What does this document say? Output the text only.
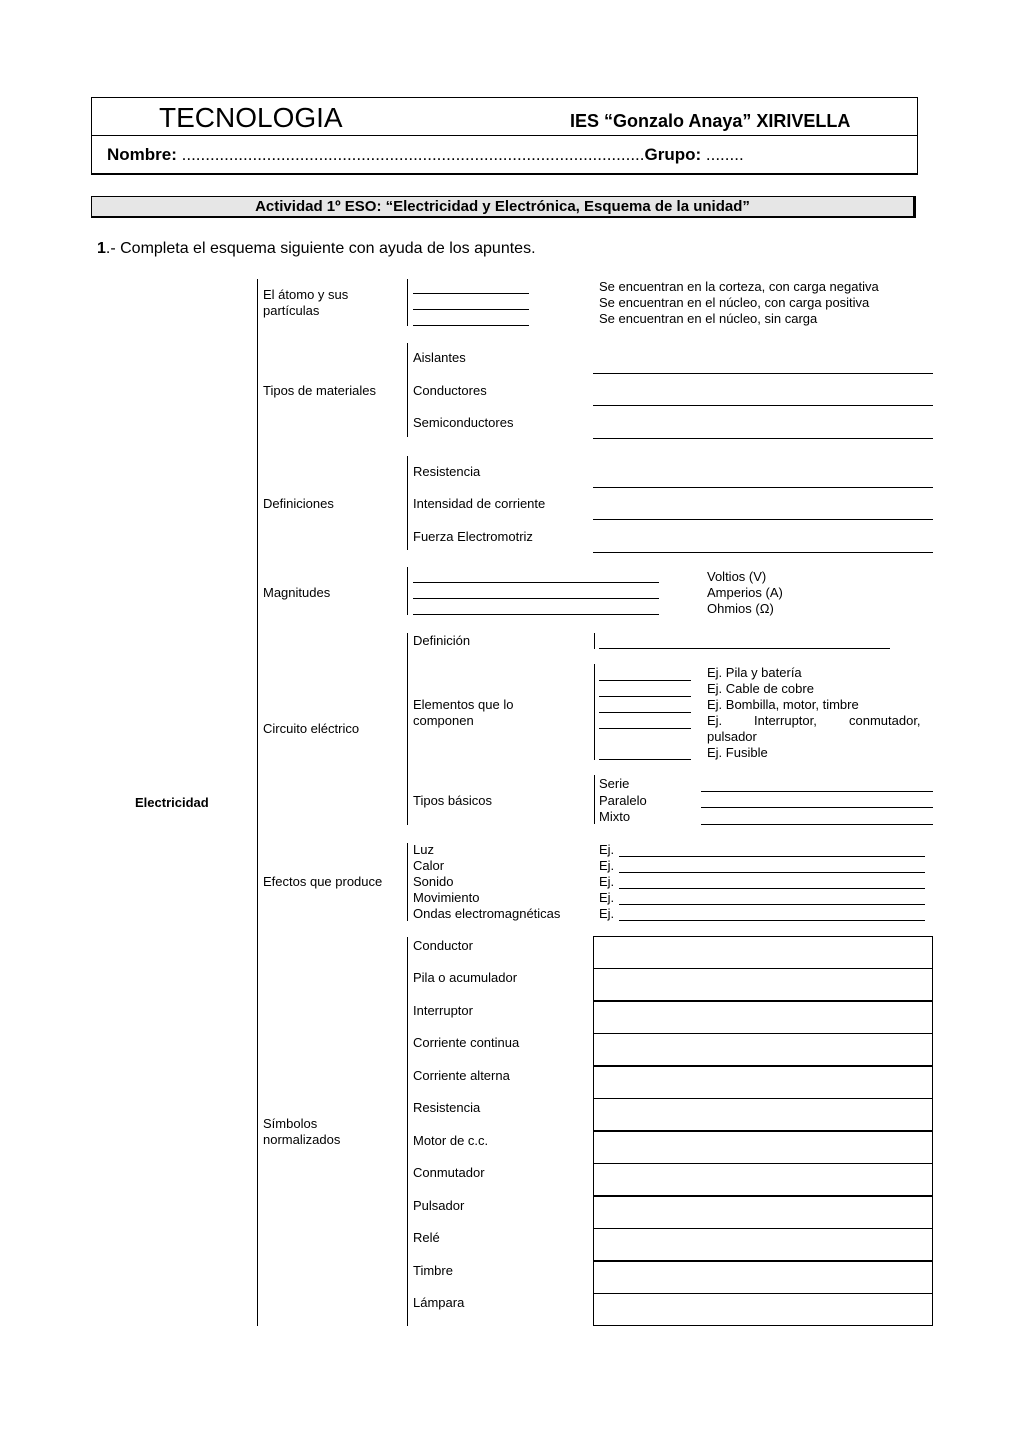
TECNOLOGIA	IES “Gonzalo Anaya” XIRIVELLA
Nombre: ..................................................................................................Grupo: ........
Actividad 1º ESO: “Electricidad y Electrónica, Esquema de la unidad”
1.- Completa el esquema siguiente con ayuda de los apuntes.
Electricidad
El átomo y sus
partículas
Se encuentran en la corteza, con carga negativa
Se encuentran en el núcleo, con carga positiva
Se encuentran en el núcleo, sin carga
Tipos de materiales
Aislantes
Conductores
Semiconductores
Definiciones
Resistencia
Intensidad de corriente
Fuerza Electromotriz
Magnitudes
Voltios (V)
Amperios (A)
Ohmios (Ω)
Circuito eléctrico
Definición
Elementos que lo
componen
Ej. Pila y batería
Ej. Cable de cobre
Ej. Bombilla, motor, timbre
Ej. Interruptor, conmutador,
pulsador
Ej. Fusible
Tipos básicos
Serie
Paralelo
Mixto
Efectos que produce
Luz
Calor
Sonido
Movimiento
Ondas electromagnéticas
Ej.
Ej.
Ej.
Ej.
Ej.
Símbolos
normalizados
Conductor
Pila o acumulador
Interruptor
Corriente continua
Corriente alterna
Resistencia
Motor de c.c.
Conmutador
Pulsador
Relé
Timbre
Lámpara
